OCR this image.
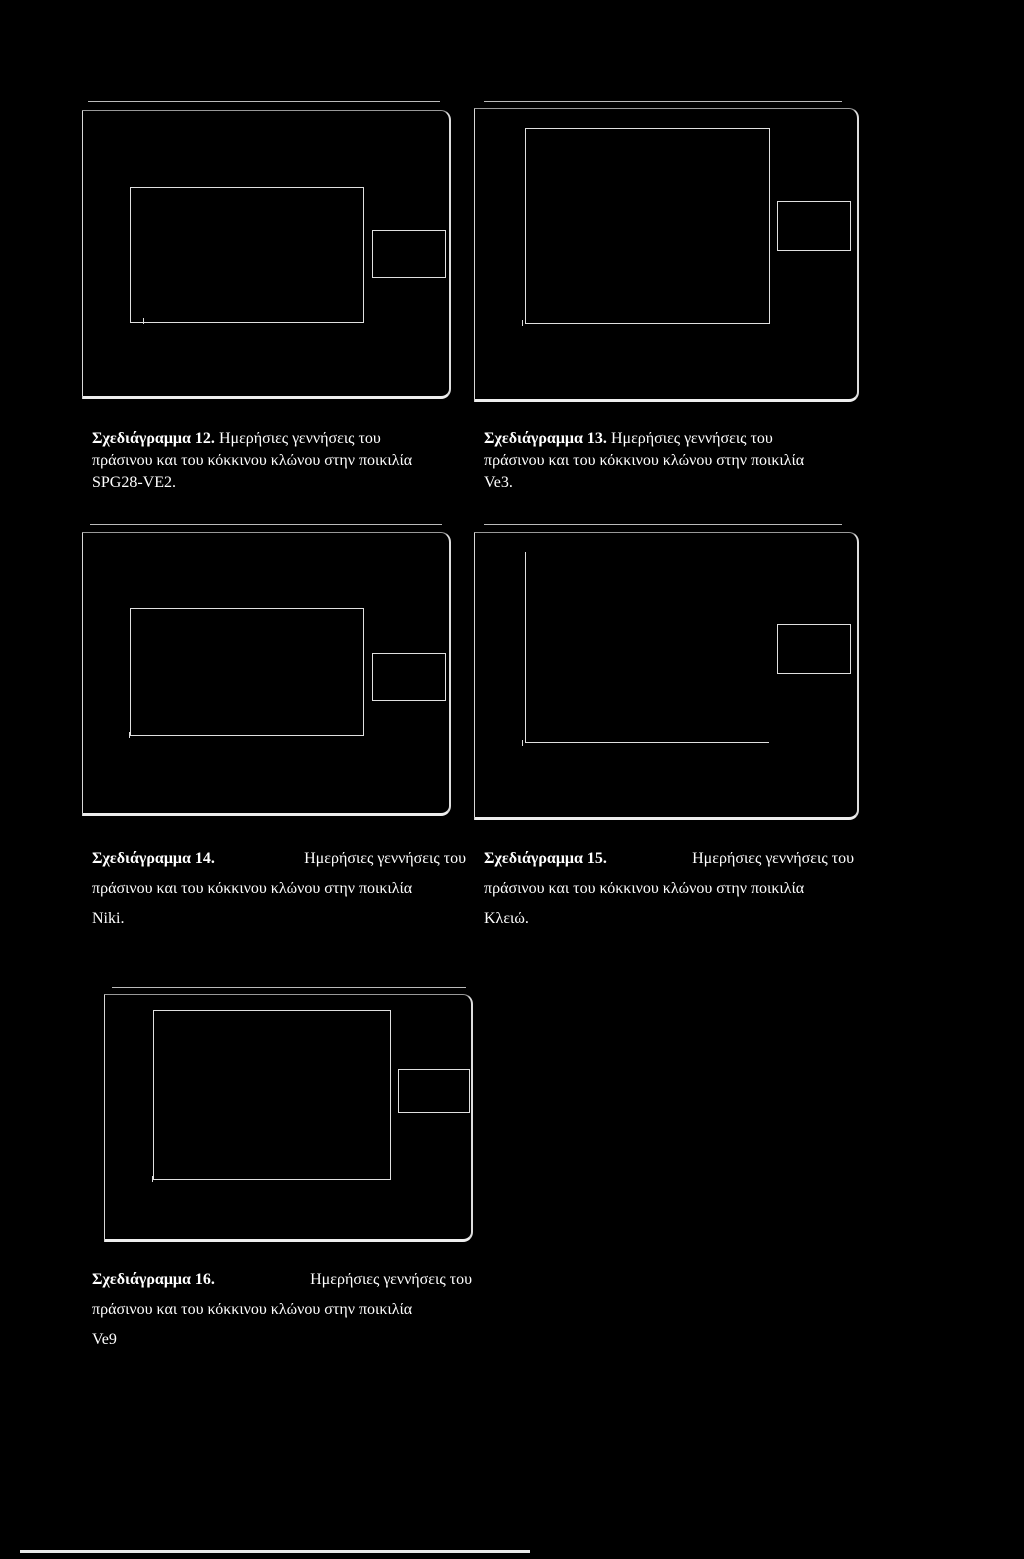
Σχεδιάγραμμα 12. Ημερήσιες γεννήσεις του
πράσινου και του κόκκινου κλώνου στην ποικιλία
SPG28-VE2.
Σχεδιάγραμμα 13. Ημερήσιες γεννήσεις του
πράσινου και του κόκκινου κλώνου στην ποικιλία
Ve3.
Σχεδιάγραμμα 14.	Ημερήσιες γεννήσεις του
πράσινου και του κόκκινου κλώνου στην ποικιλία
Niki.
Σχεδιάγραμμα 15.	Ημερήσιες γεννήσεις του
πράσινου και του κόκκινου κλώνου στην ποικιλία
Κλειώ.
Σχεδιάγραμμα 16.	Ημερήσιες γεννήσεις του
πράσινου και του κόκκινου κλώνου στην ποικιλία
Ve9
